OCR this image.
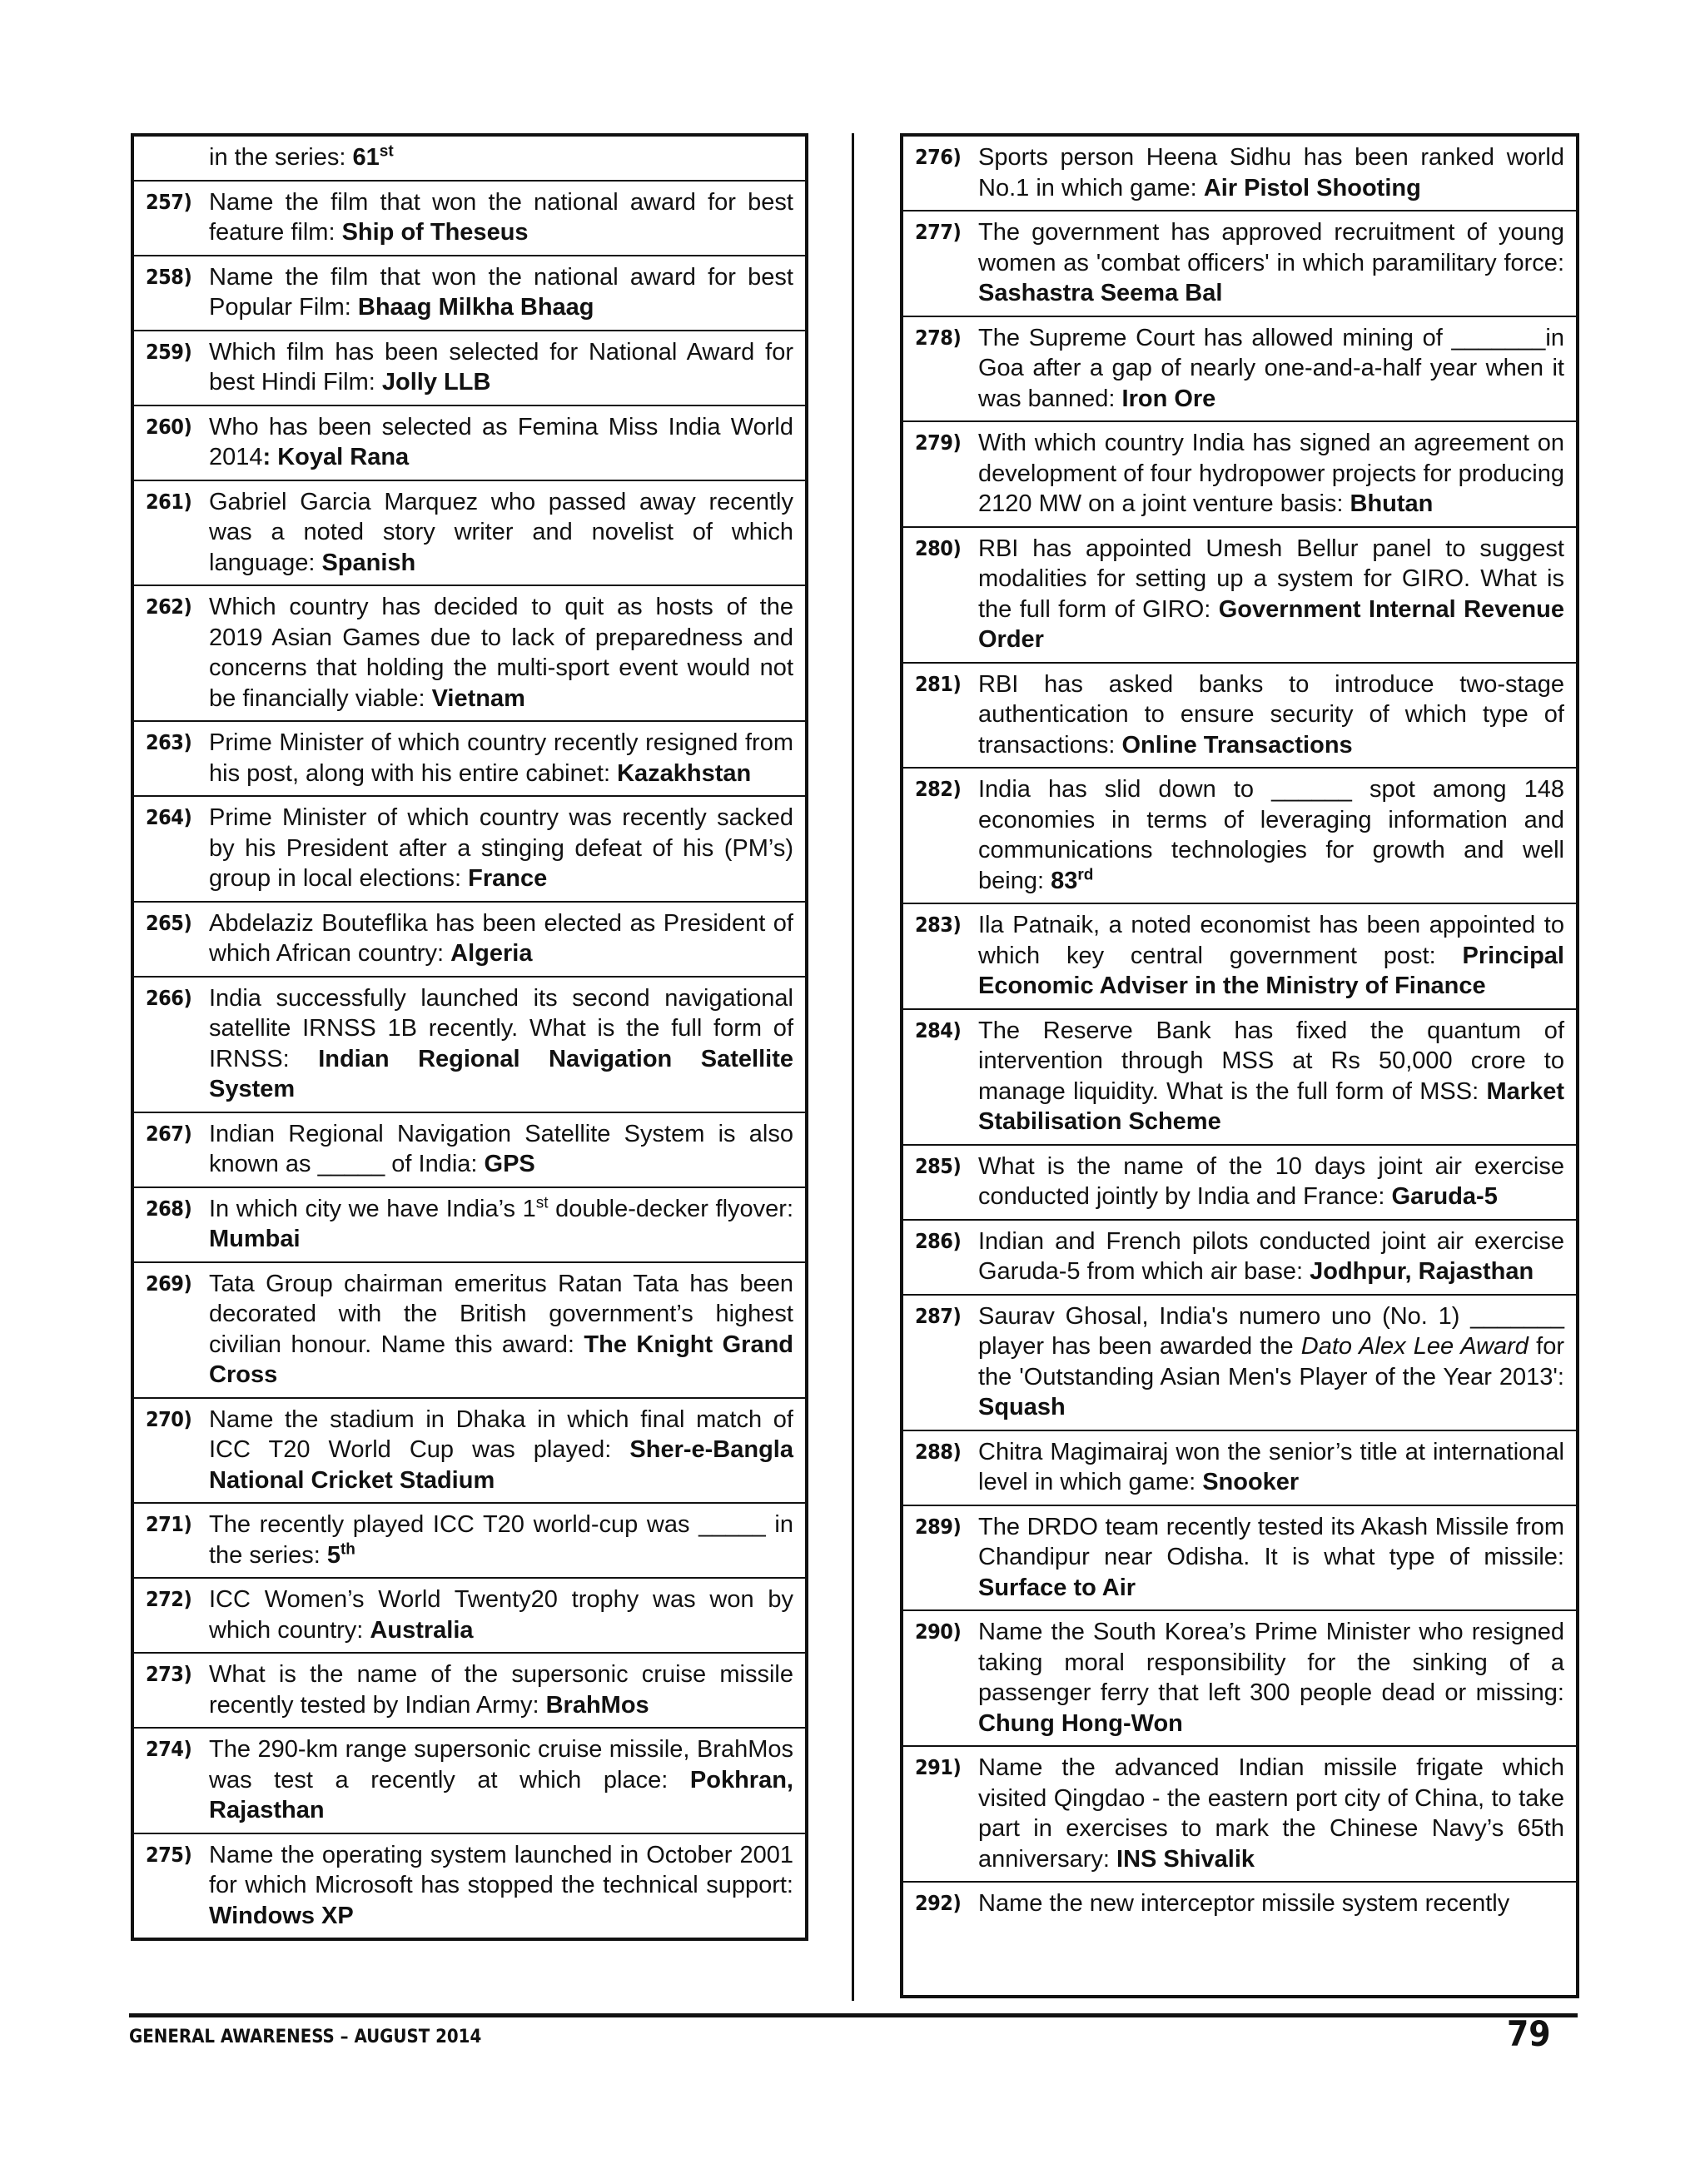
in the series: 61st
257) Name the film that won the national award for best feature film: Ship of Theseus
258) Name the film that won the national award for best Popular Film: Bhaag Milkha Bhaag
259) Which film has been selected for National Award for best Hindi Film: Jolly LLB
260) Who has been selected as Femina Miss India World 2014: Koyal Rana
261) Gabriel Garcia Marquez who passed away recently was a noted story writer and novelist of which language: Spanish
262) Which country has decided to quit as hosts of the 2019 Asian Games due to lack of preparedness and concerns that holding the multi-sport event would not be financially viable: Vietnam
263) Prime Minister of which country recently resigned from his post, along with his entire cabinet: Kazakhstan
264) Prime Minister of which country was recently sacked by his President after a stinging defeat of his (PM’s) group in local elections: France
265) Abdelaziz Bouteflika has been elected as President of which African country: Algeria
266) India successfully launched its second navigational satellite IRNSS 1B recently. What is the full form of IRNSS: Indian Regional Navigation Satellite System
267) Indian Regional Navigation Satellite System is also known as _____ of India: GPS
268) In which city we have India’s 1st double-decker flyover: Mumbai
269) Tata Group chairman emeritus Ratan Tata has been decorated with the British government’s highest civilian honour. Name this award: The Knight Grand Cross
270) Name the stadium in Dhaka in which final match of ICC T20 World Cup was played: Sher-e-Bangla National Cricket Stadium
271) The recently played ICC T20 world-cup was _____ in the series: 5th
272) ICC Women’s World Twenty20 trophy was won by which country: Australia
273) What is the name of the supersonic cruise missile recently tested by Indian Army: BrahMos
274) The 290-km range supersonic cruise missile, BrahMos was test a recently at which place: Pokhran, Rajasthan
275) Name the operating system launched in October 2001 for which Microsoft has stopped the technical support: Windows XP
276) Sports person Heena Sidhu has been ranked world No.1 in which game: Air Pistol Shooting
277) The government has approved recruitment of young women as 'combat officers' in which paramilitary force: Sashastra Seema Bal
278) The Supreme Court has allowed mining of _______in Goa after a gap of nearly one-and-a-half year when it was banned: Iron Ore
279) With which country India has signed an agreement on development of four hydropower projects for producing 2120 MW on a joint venture basis: Bhutan
280) RBI has appointed Umesh Bellur panel to suggest modalities for setting up a system for GIRO. What is the full form of GIRO: Government Internal Revenue Order
281) RBI has asked banks to introduce two-stage authentication to ensure security of which type of transactions: Online Transactions
282) India has slid down to ______ spot among 148 economies in terms of leveraging information and communications technologies for growth and well being: 83rd
283) Ila Patnaik, a noted economist has been appointed to which key central government post: Principal Economic Adviser in the Ministry of Finance
284) The Reserve Bank has fixed the quantum of intervention through MSS at Rs 50,000 crore to manage liquidity. What is the full form of MSS: Market Stabilisation Scheme
285) What is the name of the 10 days joint air exercise conducted jointly by India and France: Garuda-5
286) Indian and French pilots conducted joint air exercise Garuda-5 from which air base: Jodhpur, Rajasthan
287) Saurav Ghosal, India's numero uno (No. 1) _______ player has been awarded the Dato Alex Lee Award for the 'Outstanding Asian Men's Player of the Year 2013': Squash
288) Chitra Magimairaj won the senior’s title at international level in which game: Snooker
289) The DRDO team recently tested its Akash Missile from Chandipur near Odisha. It is what type of missile: Surface to Air
290) Name the South Korea’s Prime Minister who resigned taking moral responsibility for the sinking of a passenger ferry that left 300 people dead or missing: Chung Hong-Won
291) Name the advanced Indian missile frigate which visited Qingdao - the eastern port city of China, to take part in exercises to mark the Chinese Navy’s 65th anniversary: INS Shivalik
292) Name the new interceptor missile system recently
GENERAL AWARENESS – AUGUST 2014	79
